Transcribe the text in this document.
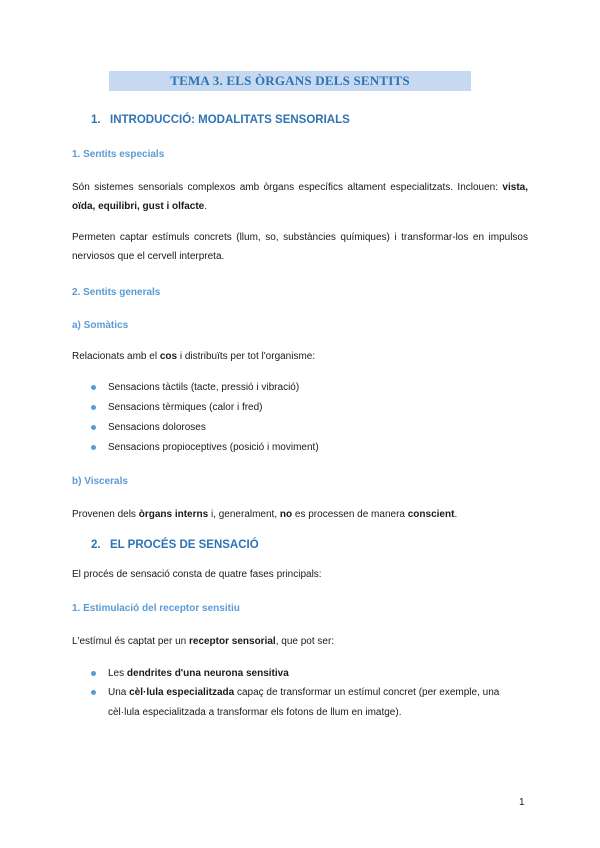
TEMA 3. ELS ÒRGANS DELS SENTITS
1. INTRODUCCIÓ: MODALITATS SENSORIALS
1. Sentits especials
Són sistemes sensorials complexos amb òrgans específics altament especialitzats. Inclouen: vista,
oïda, equilibri, gust i olfacte.
Permeten captar estímuls concrets (llum, so, substàncies químiques) i transformar-los en impulsos
nerviosos que el cervell interpreta.
2. Sentits generals
a) Somàtics
Relacionats amb el cos i distribuïts per tot l'organisme:
Sensacions tàctils (tacte, pressió i vibració)
Sensacions tèrmiques (calor i fred)
Sensacions doloroses
Sensacions propioceptives (posició i moviment)
b) Viscerals
Provenen dels òrgans interns i, generalment, no es processen de manera conscient.
2. EL PROCÉS DE SENSACIÓ
El procés de sensació consta de quatre fases principals:
1. Estimulació del receptor sensitiu
L'estímul és captat per un receptor sensorial, que pot ser:
Les dendrites d'una neurona sensitiva
Una cèl·lula especialitzada capaç de transformar un estímul concret (per exemple, una
cèl·lula especialitzada a transformar els fotons de llum en imatge).
1
